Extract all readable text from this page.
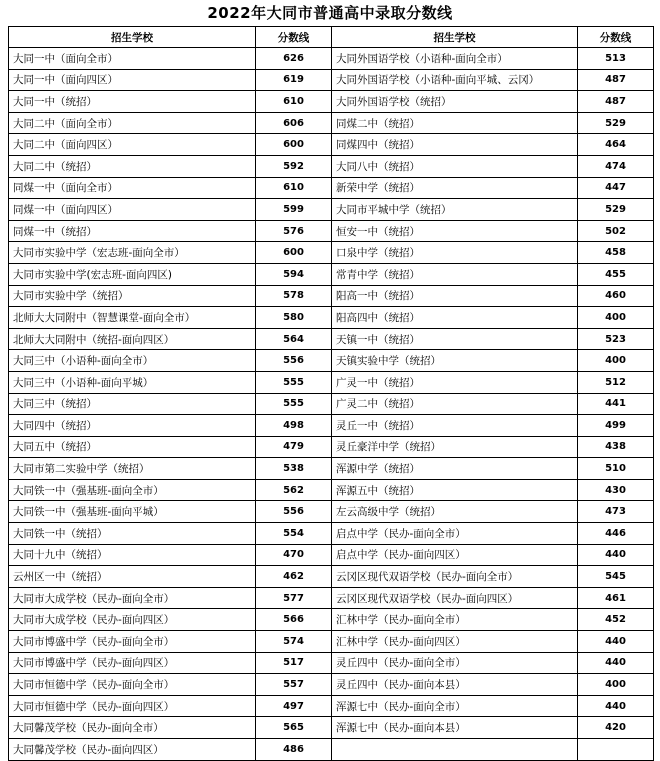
2022年大同市普通高中录取分数线
招生学校	分数线	招生学校	分数线
大同一中（面向全市）	626	大同外国语学校（小语种-面向全市）	513
大同一中（面向四区）	619	大同外国语学校（小语种-面向平城、云冈）	487
大同一中（统招）	610	大同外国语学校（统招）	487
大同二中（面向全市）	606	同煤二中（统招）	529
大同二中（面向四区）	600	同煤四中（统招）	464
大同二中（统招）	592	大同八中（统招）	474
同煤一中（面向全市）	610	新荣中学（统招）	447
同煤一中（面向四区）	599	大同市平城中学（统招）	529
同煤一中（统招）	576	恒安一中（统招）	502
大同市实验中学（宏志班-面向全市）	600	口泉中学（统招）	458
大同市实验中学(宏志班-面向四区)	594	常青中学（统招）	455
大同市实验中学（统招）	578	阳高一中（统招）	460
北师大大同附中（智慧课堂-面向全市）	580	阳高四中（统招）	400
北师大大同附中（统招-面向四区）	564	天镇一中（统招）	523
大同三中（小语种-面向全市）	556	天镇实验中学（统招）	400
大同三中（小语种-面向平城）	555	广灵一中（统招）	512
大同三中（统招）	555	广灵二中（统招）	441
大同四中（统招）	498	灵丘一中（统招）	499
大同五中（统招）	479	灵丘豪洋中学（统招）	438
大同市第二实验中学（统招）	538	浑源中学（统招）	510
大同铁一中（强基班-面向全市）	562	浑源五中（统招）	430
大同铁一中（强基班-面向平城）	556	左云高级中学（统招）	473
大同铁一中（统招）	554	启点中学（民办-面向全市）	446
大同十九中（统招）	470	启点中学（民办-面向四区）	440
云州区一中（统招）	462	云冈区现代双语学校（民办-面向全市）	545
大同市大成学校（民办-面向全市）	577	云冈区现代双语学校（民办-面向四区）	461
大同市大成学校（民办-面向四区）	566	汇林中学（民办-面向全市）	452
大同市博盛中学（民办-面向全市）	574	汇林中学（民办-面向四区）	440
大同市博盛中学（民办-面向四区）	517	灵丘四中（民办-面向全市）	440
大同市恒德中学（民办-面向全市）	557	灵丘四中（民办-面向本县）	400
大同市恒德中学（民办-面向四区）	497	浑源七中（民办-面向全市）	440
大同馨茂学校（民办-面向全市）	565	浑源七中（民办-面向本县）	420
大同馨茂学校（民办-面向四区）	486		
